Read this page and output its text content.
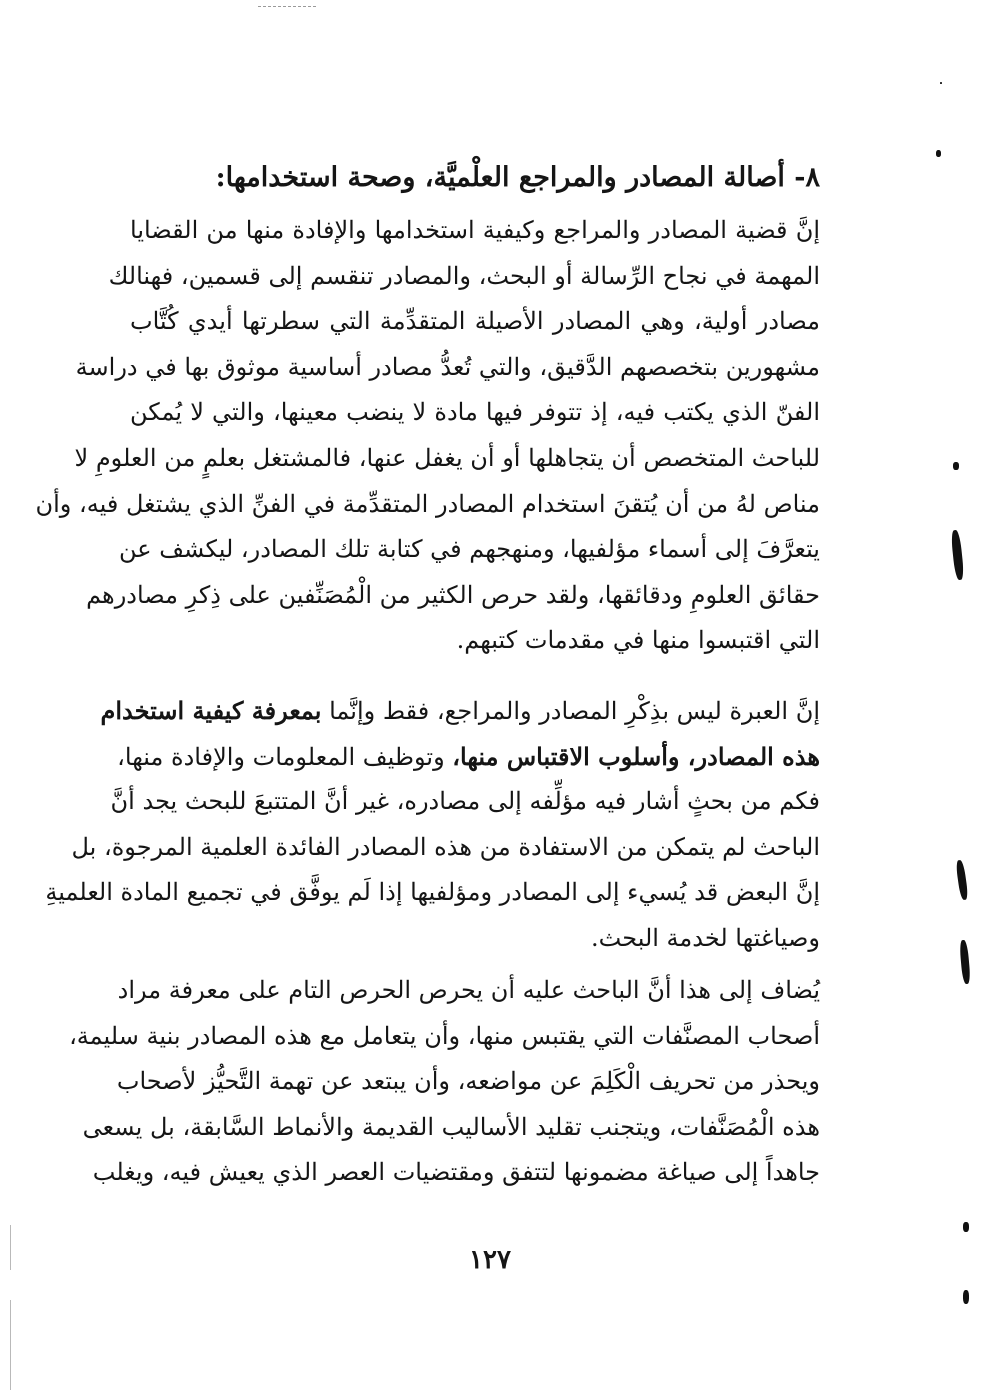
٨- أصالة المصادر والمراجع العلْميَّة، وصحة استخدامها:
إنَّ قضية المصادر والمراجع وكيفية استخدامها والإفادة منها من القضايا
المهمة في نجاح الرِّسالة أو البحث، والمصادر تنقسم إلى قسمين، فهنالك
مصادر أولية، وهي المصادر الأصيلة المتقدِّمة التي سطرتها أيدي كُتَّاب
مشهورين بتخصصهم الدَّقيق، والتي تُعدُّ مصادر أساسية موثوق بها في دراسة
الفنّ الذي يكتب فيه، إذ تتوفر فيها مادة لا ينضب معينها، والتي لا يُمكن
للباحث المتخصص أن يتجاهلها أو أن يغفل عنها، فالمشتغل بعلمٍ من العلومِ لا
مناص لهُ من أن يُتقنَ استخدام المصادر المتقدِّمة في الفنِّ الذي يشتغل فيه، وأن
يتعرَّفَ إلى أسماء مؤلفيها، ومنهجهم في كتابة تلك المصادر، ليكشف عن
حقائق العلومِ ودقائقها، ولقد حرص الكثير من الْمُصَنِّفين على ذِكرِ مصادرهم
التي اقتبسوا منها في مقدمات كتبهم.
إنَّ العبرة ليس بذِكْرِ المصادر والمراجع، فقط وإنَّما بمعرفة كيفية استخدام
هذه المصادر، وأسلوب الاقتباس منها، وتوظيف المعلومات والإفادة منها،
فكم من بحثٍ أشار فيه مؤلِّفه إلى مصادره، غير أنَّ المتتبعَ للبحث يجد أنَّ
الباحث لم يتمكن من الاستفادة من هذه المصادر الفائدة العلمية المرجوة، بل
إنَّ البعض قد يُسيء إلى المصادر ومؤلفيها إذا لَم يوفَّق في تجميع المادة العلميةِ
وصياغتها لخدمة البحث.
يُضاف إلى هذا أنَّ الباحث عليه أن يحرص الحرص التام على معرفة مراد
أصحاب المصنَّفات التي يقتبس منها، وأن يتعامل مع هذه المصادر بنية سليمة،
ويحذر من تحريف الْكَلِمَ عن مواضعه، وأن يبتعد عن تهمة التَّحيُّز لأصحاب
هذه الْمُصَنَّفات، ويتجنب تقليد الأساليب القديمة والأنماط السَّابقة، بل يسعى
جاهداً إلى صياغة مضمونها لتتفق ومقتضيات العصر الذي يعيش فيه، ويغلب
١٢٧
